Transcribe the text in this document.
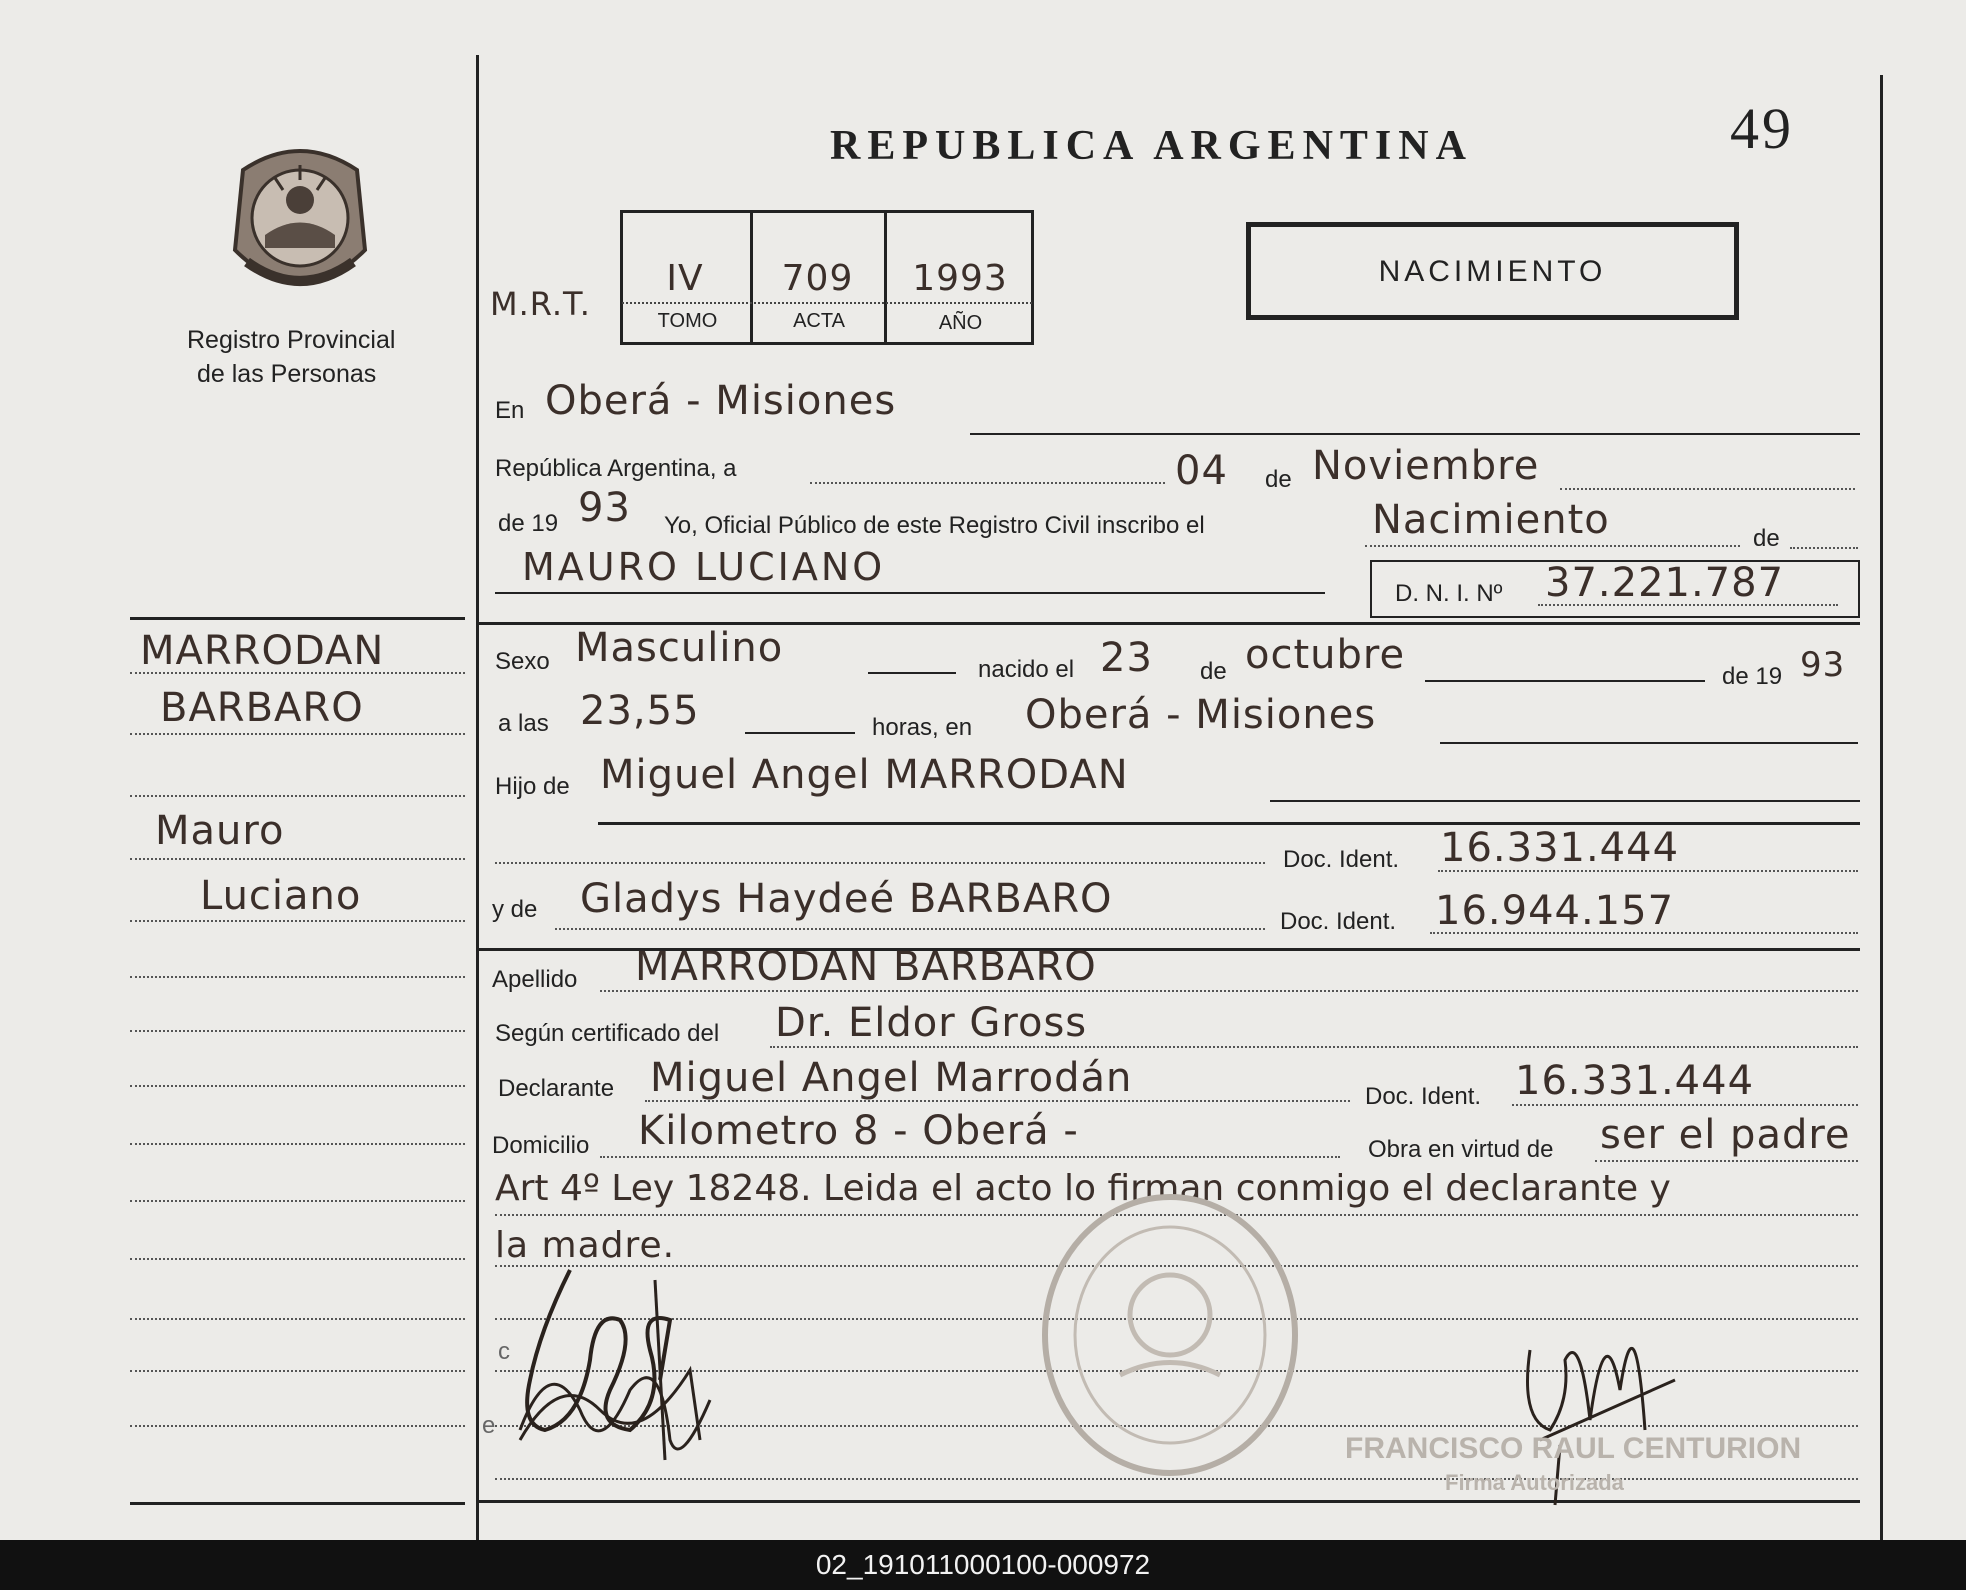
REPUBLICA ARGENTINA	49
Registro Provincial
de las Personas
M.R.T.
IV	709	1993
TOMO	ACTA	AÑO
NACIMIENTO
MARRODAN
BARBARO
Mauro
Luciano
En Oberá - Misiones
República Argentina, a	04 de Noviembre
de 19 93 Yo, Oficial Público de este Registro Civil inscribo el	Nacimiento	de
MAURO LUCIANO
D. N. I. Nº 37.221.787
Sexo Masculino	nacido el 23 de octubre	de 19 93
a las 23,55	horas, en Oberá - Misiones
Hijo de Miguel Angel MARRODAN
Doc. Ident. 16.331.444
y de Gladys Haydeé BARBARO	Doc. Ident. 16.944.157
Apellido MARRODAN BARBARO
Según certificado del Dr. Eldor Gross
Declarante Miguel Angel Marrodán	Doc. Ident. 16.331.444
Domicilio Kilometro 8 - Oberá -	Obra en virtud de ser el padre
Art 4º Ley 18248. Leida el acto lo firman conmigo el declarante y
la madre.
c
e
FRANCISCO RAUL CENTURION
Firma Autorizada
02_191011000100-000972
